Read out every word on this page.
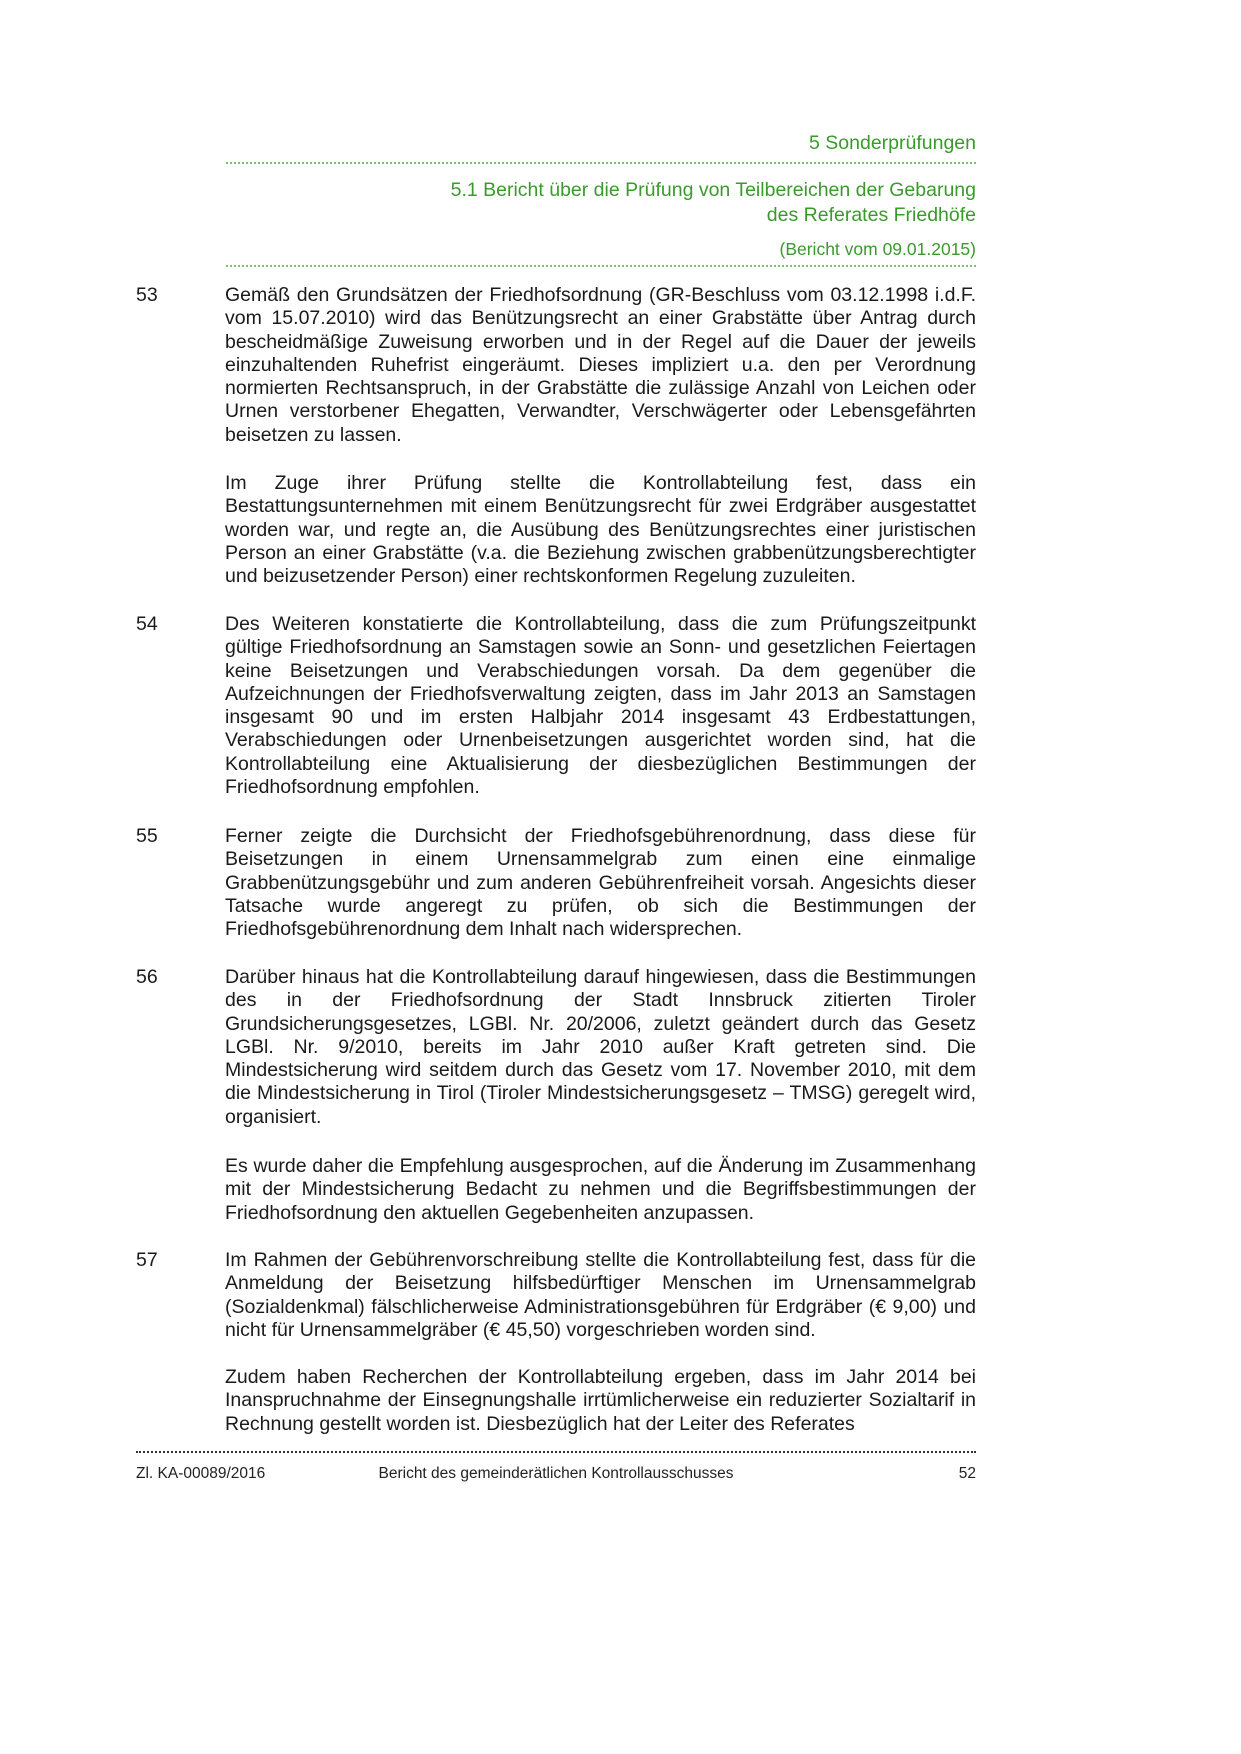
5 Sonderprüfungen
5.1 Bericht über die Prüfung von Teilbereichen der Gebarung
des Referates Friedhöfe
(Bericht vom 09.01.2015)
53	Gemäß den Grundsätzen der Friedhofsordnung (GR-Beschluss vom 03.12.1998 i.d.F. vom 15.07.2010) wird das Benützungsrecht an einer Grabstätte über Antrag durch bescheidmäßige Zuweisung erworben und in der Regel auf die Dauer der jeweils einzuhaltenden Ruhefrist eingeräumt. Dieses impliziert u.a. den per Verordnung normierten Rechtsanspruch, in der Grabstätte die zulässige Anzahl von Leichen oder Urnen verstorbener Ehegatten, Verwandter, Verschwägerter oder Lebensgefährten beisetzen zu lassen.

Im Zuge ihrer Prüfung stellte die Kontrollabteilung fest, dass ein Bestattungsunternehmen mit einem Benützungsrecht für zwei Erdgräber ausgestattet worden war, und regte an, die Ausübung des Benützungsrechtes einer juristischen Person an einer Grabstätte (v.a. die Beziehung zwischen grabbenützungsberechtigter und beizusetzender Person) einer rechtskonformen Regelung zuzuleiten.

54	Des Weiteren konstatierte die Kontrollabteilung, dass die zum Prüfungszeitpunkt gültige Friedhofsordnung an Samstagen sowie an Sonn- und gesetzlichen Feiertagen keine Beisetzungen und Verabschiedungen vorsah. Da dem gegenüber die Aufzeichnungen der Friedhofsverwaltung zeigten, dass im Jahr 2013 an Samstagen insgesamt 90 und im ersten Halbjahr 2014 insgesamt 43 Erdbestattungen, Verabschiedungen oder Urnenbeisetzungen ausgerichtet worden sind, hat die Kontrollabteilung eine Aktualisierung der diesbezüglichen Bestimmungen der Friedhofsordnung empfohlen.

55	Ferner zeigte die Durchsicht der Friedhofsgebührenordnung, dass diese für Beisetzungen in einem Urnensammelgrab zum einen eine einmalige Grabbenützungsgebühr und zum anderen Gebührenfreiheit vorsah. Angesichts dieser Tatsache wurde angeregt zu prüfen, ob sich die Bestimmungen der Friedhofsgebührenordnung dem Inhalt nach widersprechen.

56	Darüber hinaus hat die Kontrollabteilung darauf hingewiesen, dass die Bestimmungen des in der Friedhofsordnung der Stadt Innsbruck zitierten Tiroler Grundsicherungsgesetzes, LGBl. Nr. 20/2006, zuletzt geändert durch das Gesetz LGBl. Nr. 9/2010, bereits im Jahr 2010 außer Kraft getreten sind. Die Mindestsicherung wird seitdem durch das Gesetz vom 17. November 2010, mit dem die Mindestsicherung in Tirol (Tiroler Mindestsicherungsgesetz – TMSG) geregelt wird, organisiert.

Es wurde daher die Empfehlung ausgesprochen, auf die Änderung im Zusammenhang mit der Mindestsicherung Bedacht zu nehmen und die Begriffsbestimmungen der Friedhofsordnung den aktuellen Gegebenheiten anzupassen.

57	Im Rahmen der Gebührenvorschreibung stellte die Kontrollabteilung fest, dass für die Anmeldung der Beisetzung hilfsbedürftiger Menschen im Urnensammelgrab (Sozialdenkmal) fälschlicherweise Administrationsgebühren für Erdgräber (€ 9,00) und nicht für Urnensammelgräber (€ 45,50) vorgeschrieben worden sind.

Zudem haben Recherchen der Kontrollabteilung ergeben, dass im Jahr 2014 bei Inanspruchnahme der Einsegnungshalle irrtümlicherweise ein reduzierter Sozialtarif in Rechnung gestellt worden ist. Diesbezüglich hat der Leiter des Referates

Zl. KA-00089/2016	Bericht des gemeinderätlichen Kontrollausschusses	52
